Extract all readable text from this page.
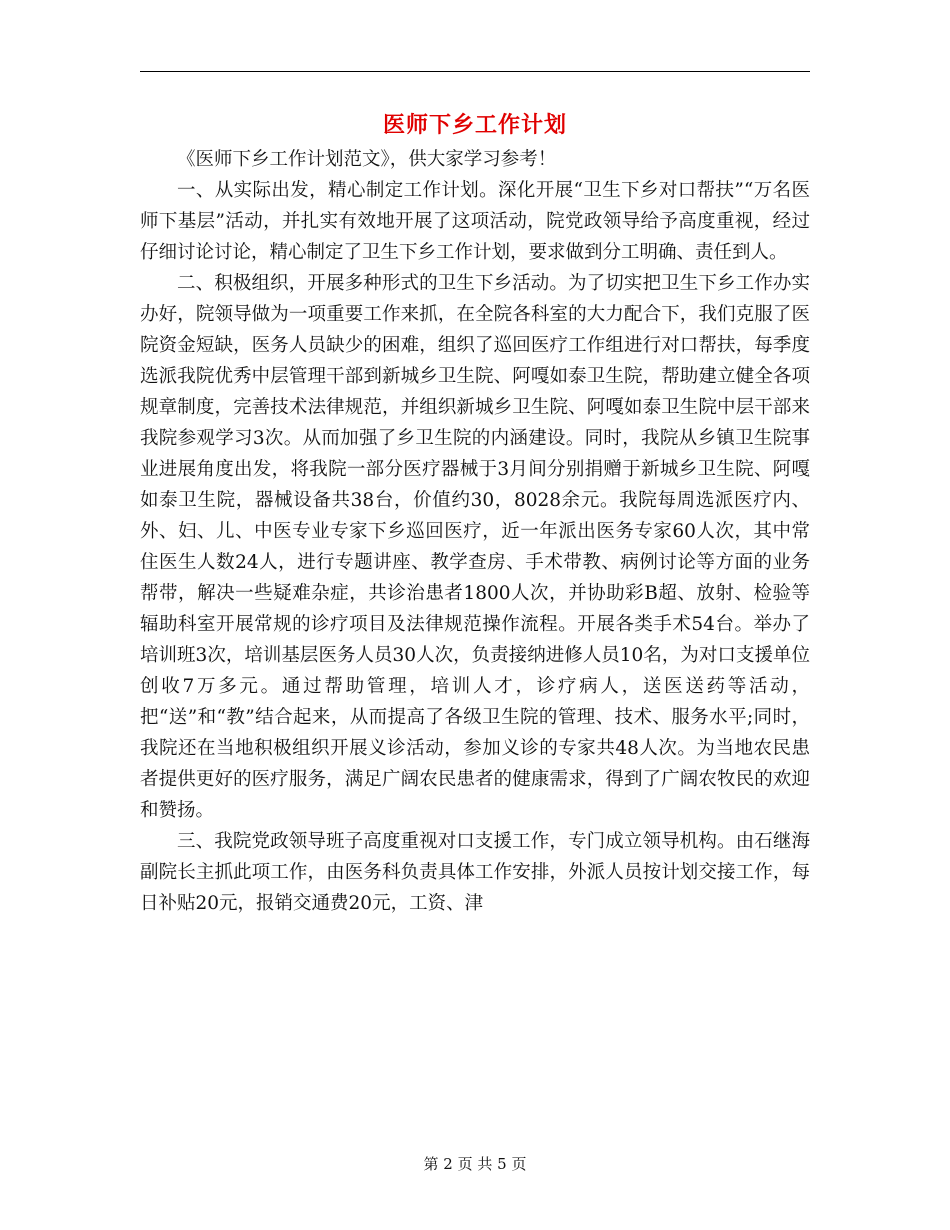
医师下乡工作计划

《医师下乡工作计划范文》，供大家学习参考！

一、从实际出发，精心制定工作计划。深化开展“卫生下乡对口帮扶”“万名医师下基层”活动，并扎实有效地开展了这项活动，院党政领导给予高度重视，经过仔细讨论讨论，精心制定了卫生下乡工作计划，要求做到分工明确、责任到人。

二、积极组织，开展多种形式的卫生下乡活动。为了切实把卫生下乡工作办实办好，院领导做为一项重要工作来抓，在全院各科室的大力配合下，我们克服了医院资金短缺，医务人员缺少的困难，组织了巡回医疗工作组进行对口帮扶，每季度选派我院优秀中层管理干部到新城乡卫生院、阿嘎如泰卫生院，帮助建立健全各项规章制度，完善技术法律规范，并组织新城乡卫生院、阿嘎如泰卫生院中层干部来我院参观学习3次。从而加强了乡卫生院的内涵建设。同时，我院从乡镇卫生院事业进展角度出发，将我院一部分医疗器械于3月间分别捐赠于新城乡卫生院、阿嘎如泰卫生院，器械设备共38台，价值约30，8028余元。我院每周选派医疗内、外、妇、儿、中医专业专家下乡巡回医疗，近一年派出医务专家60人次，其中常住医生人数24人，进行专题讲座、教学查房、手术带教、病例讨论等方面的业务帮带，解决一些疑难杂症，共诊治患者1800人次，并协助彩B超、放射、检验等辐助科室开展常规的诊疗项目及法律规范操作流程。开展各类手术54台。举办了培训班3次，培训基层医务人员30人次，负责接纳进修人员10名，为对口支援单位创收7万多元。通过帮助管理，培训人才，诊疗病人，送医送药等活动，把“送”和“教”结合起来，从而提高了各级卫生院的管理、技术、服务水平;同时，我院还在当地积极组织开展义诊活动，参加义诊的专家共48人次。为当地农民患者提供更好的医疗服务，满足广阔农民患者的健康需求，得到了广阔农牧民的欢迎和赞扬。

三、我院党政领导班子高度重视对口支援工作，专门成立领导机构。由石继海副院长主抓此项工作，由医务科负责具体工作安排，外派人员按计划交接工作，每日补贴20元，报销交通费20元，工资、津

第 2 页 共 5 页
